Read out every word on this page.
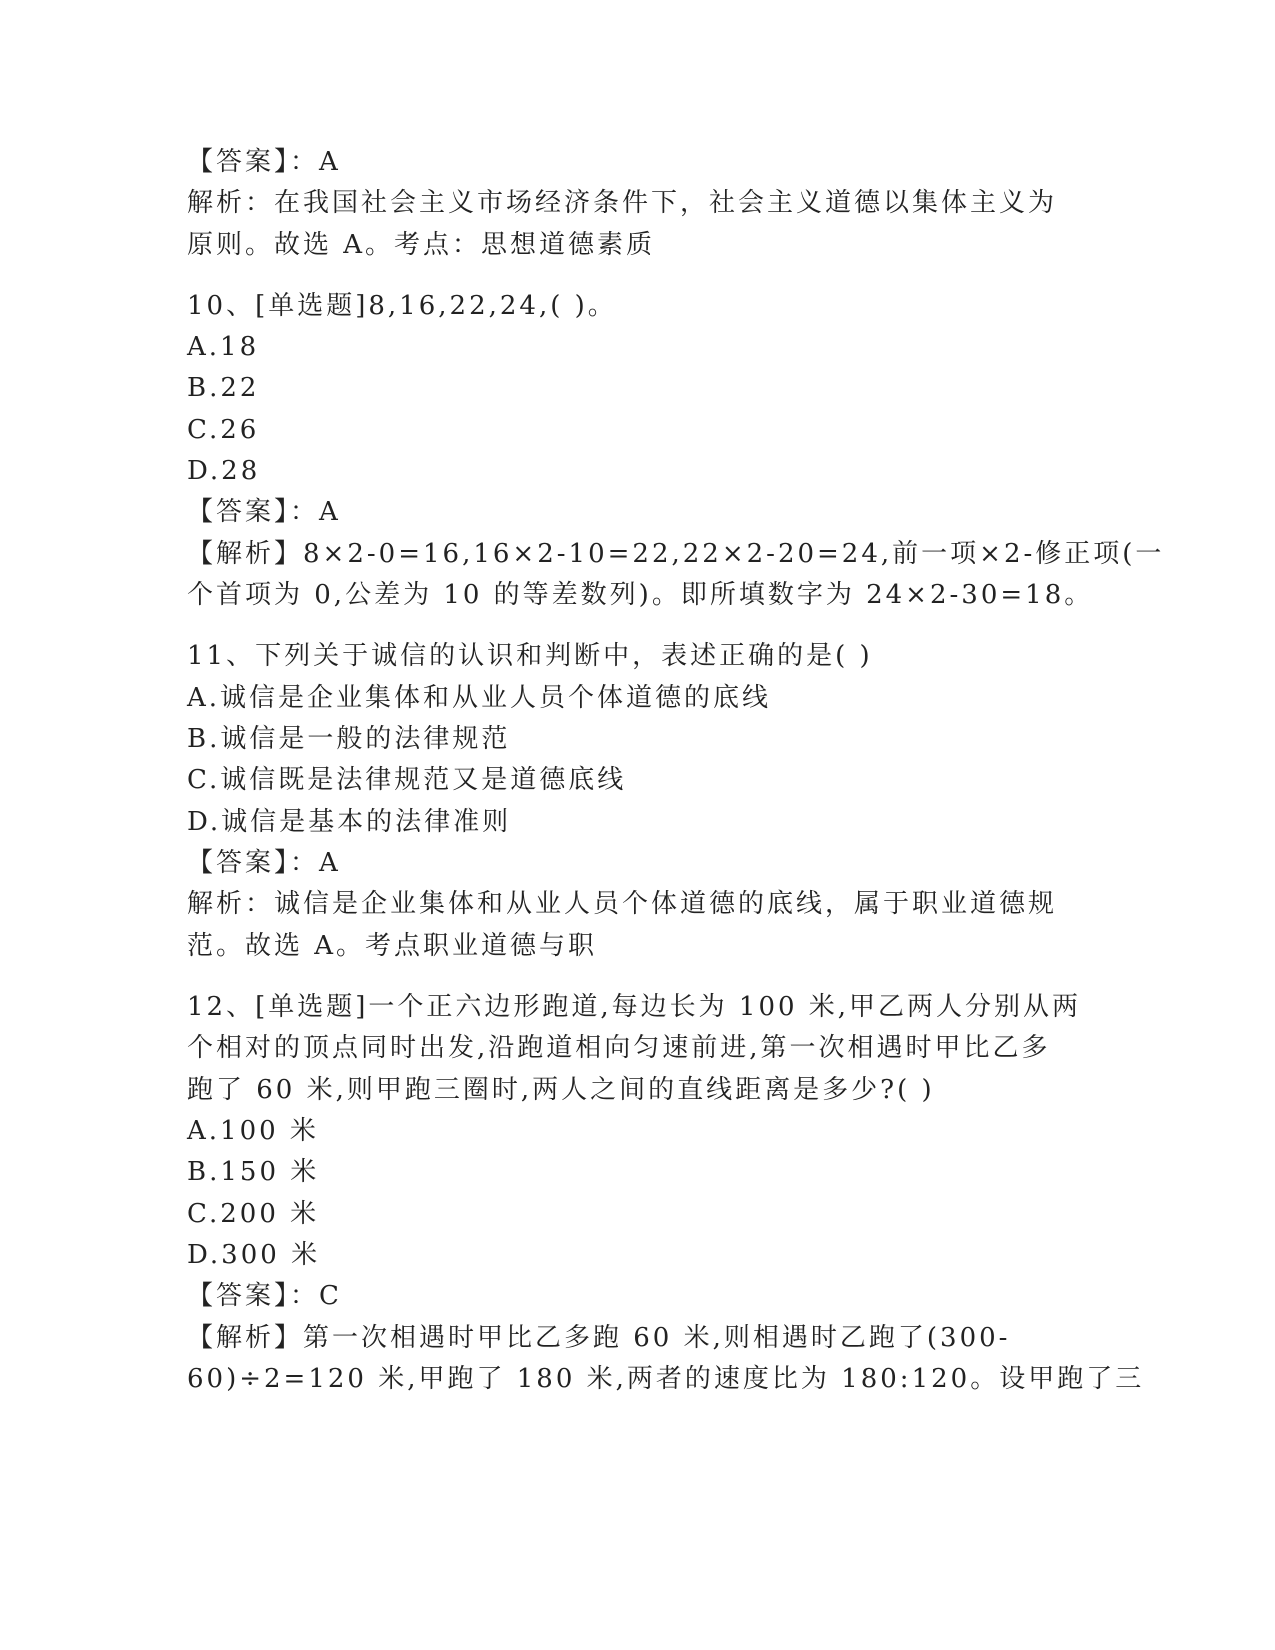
【答案】：A
解析：在我国社会主义市场经济条件下，社会主义道德以集体主义为
原则。故选 A。考点：思想道德素质
10、[单选题]8,16,22,24,( )。
A.18
B.22
C.26
D.28
【答案】：A
【解析】8×2-0=16,16×2-10=22,22×2-20=24,前一项×2-修正项(一
个首项为 0,公差为 10 的等差数列)。即所填数字为 24×2-30=18。
11、下列关于诚信的认识和判断中，表述正确的是( )
A.诚信是企业集体和从业人员个体道德的底线
B.诚信是一般的法律规范
C.诚信既是法律规范又是道德底线
D.诚信是基本的法律准则
【答案】：A
解析：诚信是企业集体和从业人员个体道德的底线，属于职业道德规
范。故选 A。考点职业道德与职
12、[单选题]一个正六边形跑道,每边长为 100 米,甲乙两人分别从两
个相对的顶点同时出发,沿跑道相向匀速前进,第一次相遇时甲比乙多
跑了 60 米,则甲跑三圈时,两人之间的直线距离是多少?( )
A.100 米
B.150 米
C.200 米
D.300 米
【答案】：C
【解析】第一次相遇时甲比乙多跑 60 米,则相遇时乙跑了(300-
60)÷2=120 米,甲跑了 180 米,两者的速度比为 180:120。设甲跑了三
